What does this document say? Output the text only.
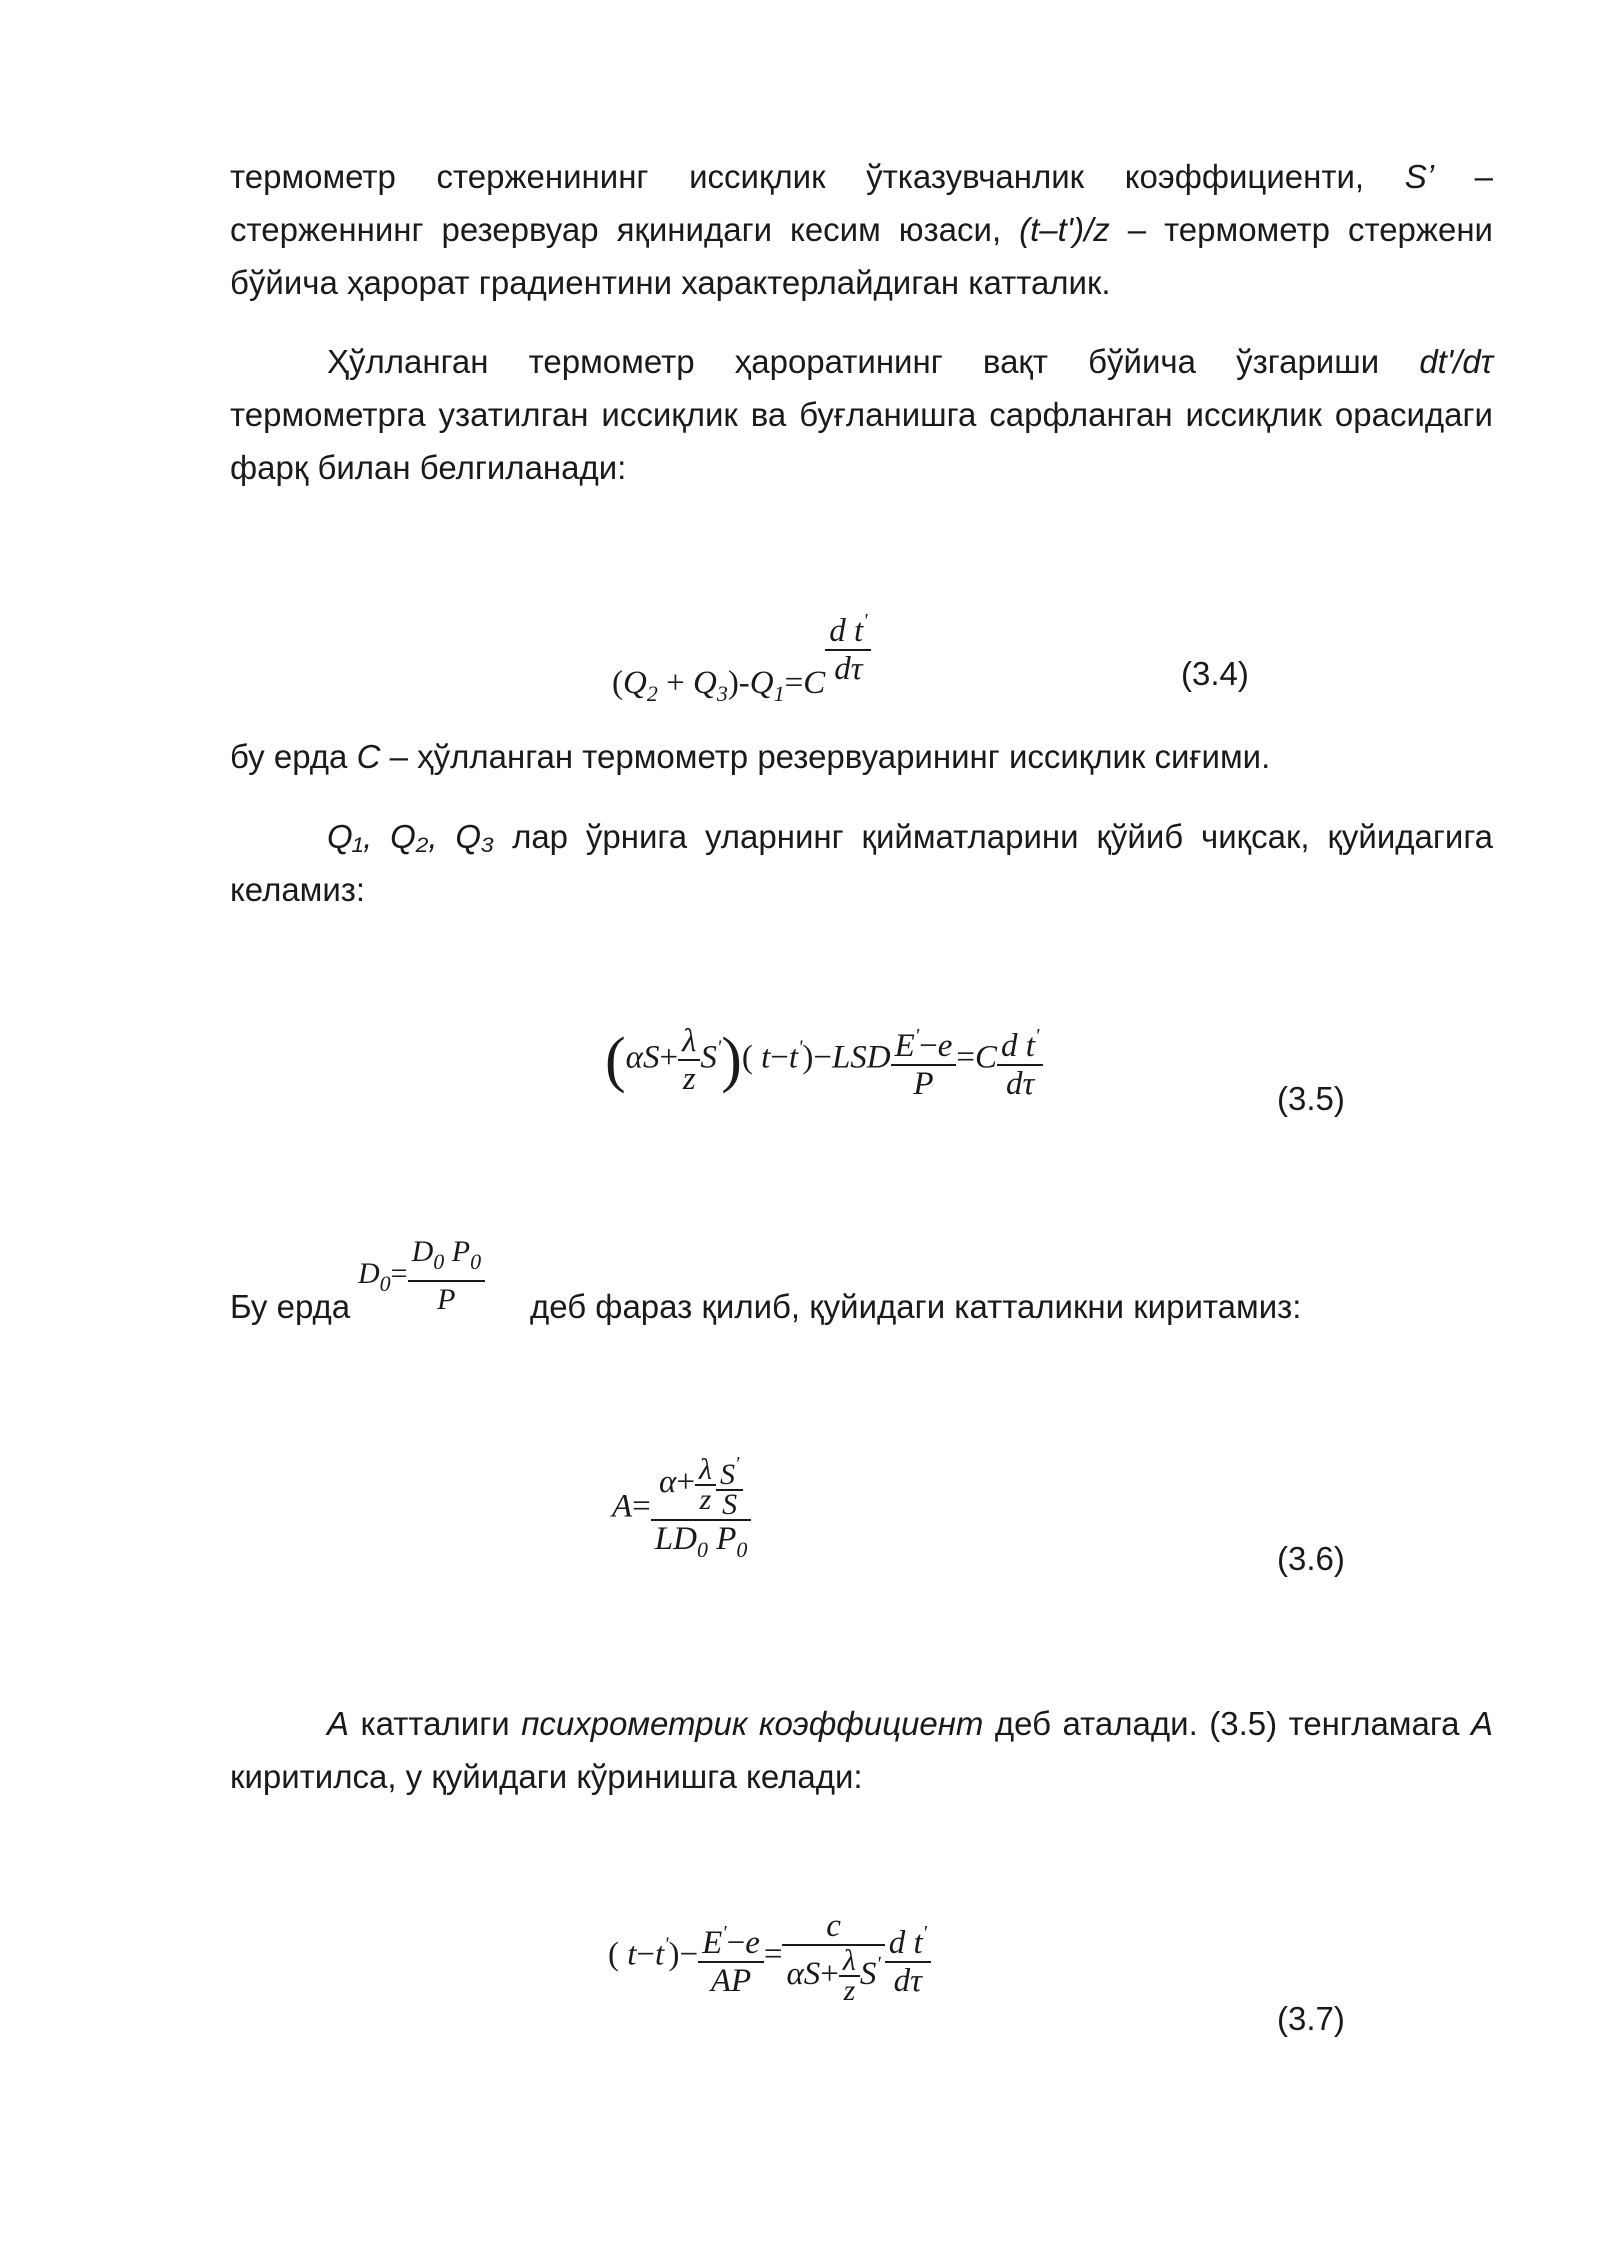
термометр стерженининг иссиқлик ўтказувчанлик коэффициенти, S’ – стерженнинг резервуар яқинидаги кесим юзаси, (t–t')/z – термометр стержени бўйича ҳарорат градиентини характерлайдиган катталик.

Ҳўлланган термометр ҳароратининг вақт бўйича ўзгариши dt'/dτ термометрга узатилган иссиқлик ва буғланишга сарфланган иссиқлик орасидаги фарқ билан белгиланади:

$(Q_2 + Q_3)-Q_1=C \frac{d t'}{d\tau}$	(3.4)

бу ерда C – ҳўлланган термометр резервуарининг иссиқлик сиғими.

Q₁, Q₂, Q₃ лар ўрнига уларнинг қийматларини қўйиб чиқсак, қуйидагига келамиз:

$(\alpha S+ \frac{\lambda}{z} S')$( $t-t')-LSD \frac{E'-e}{P} =C \frac{d t'}{d\tau}$	(3.5)
Бу ерда
$D_0= \frac{D_0 P_0}{P}$ деб фараз қилиб, қуйидаги катталикни киритамиз:
$A= \frac{\alpha+ \frac{\lambda}{z} \frac{S'}{S}}{LD_0 P_0}$	(3.6)

A катталиги психрометрик коэффициент деб аталади. (3.5) тенгламага A киритилса, у қуйидаги кўринишга келади:

( $t-t')- \frac{E'-e}{AP} = \frac{c}{\alpha S+ \frac{\lambda}{z} S'} \frac{d t'}{d\tau}$
(3.7)
